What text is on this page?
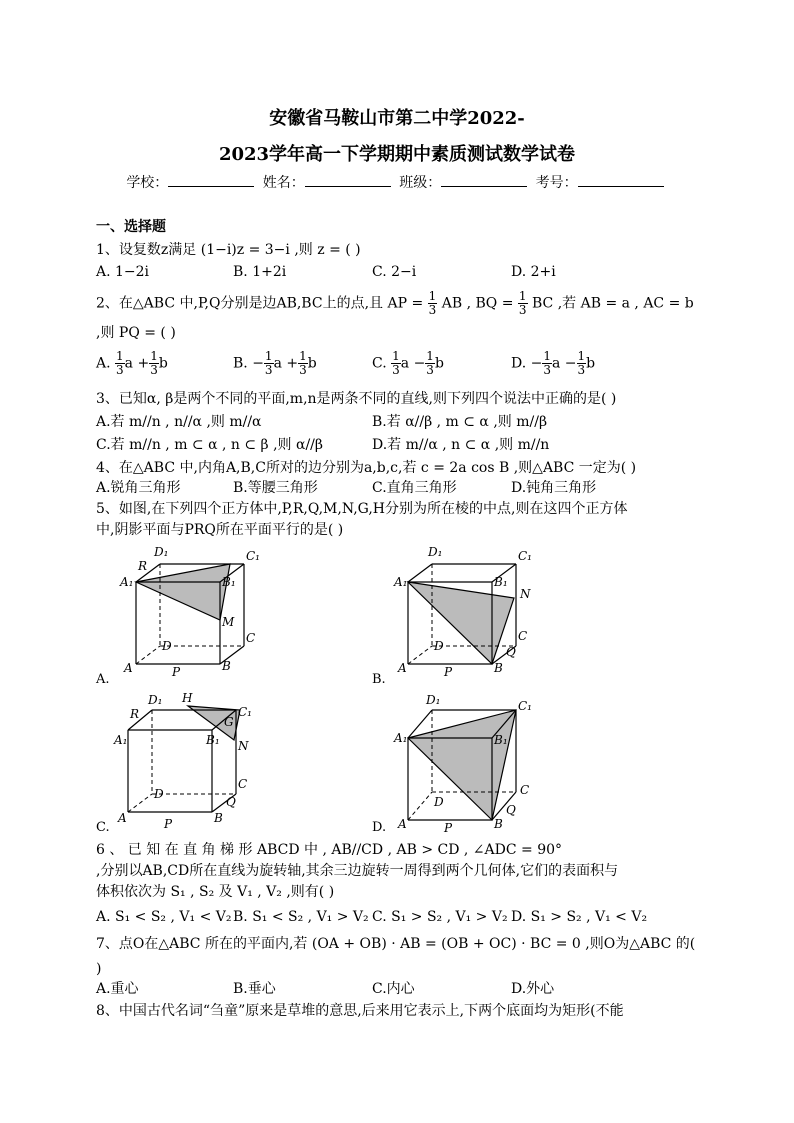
安徽省马鞍山市第二中学2022-
2023学年高一下学期期中素质测试数学试卷
学校：	姓名：	班级：	考号：
一、选择题
1、设复数z满足 (1−i)z = 3−i ,则 z = ( )
A. 1−2i	B. 1+2i	C. 2−i	D. 2+i
2、在△ABC 中,P,Q分别是边AB,BC上的点,且 AP = $\frac{1}{3}$ AB , BQ = $\frac{1}{3}$ BC ,若 AB = a , AC = b
,则 PQ = ( )
A. $\frac{1}{3}$ $a + \frac{1}{3}$ b	B. − $\frac{1}{3}$ $a + \frac{1}{3}$ b	C. $\frac{1}{3}$ $a - \frac{1}{3}$ b	D. − $\frac{1}{3}$ $a - \frac{1}{3}$ b
3、已知α, β是两个不同的平面,m,n是两条不同的直线,则下列四个说法中正确的是( )
A.若 m//n , n//α ,则 m//α	B.若 α//β , m ⊂ α ,则 m//β
C.若 m//n , m ⊂ α , n ⊂ β ,则 α//β	D.若 m//α , n ⊂ α ,则 m//n
4、在△ABC 中,内角A,B,C所对的边分别为a,b,c,若 c = 2a cos B ,则△ABC 一定为( )
A.锐角三角形	B.等腰三角形	C.直角三角形	D.钝角三角形
5、如图,在下列四个正方体中,P,R,Q,M,N,G,H分别为所在棱的中点,则在这四个正方体
中,阴影平面与PRQ所在平面平行的是( )
A₁
D₁	C₁
B₁
R
M
D
C
A	B
P
A.
A₁
D₁	C₁
B₁
N
C
D
A	B
Q
P
B.
A₁
D₁
C₁
B₁
H
G
N
R
D
C
A	B
Q
P
C.
A₁
D₁	C₁
B₁
C
D
A	B
Q
P
D.
6 、 已 知 在 直 角 梯 形 ABCD 中 , AB//CD , AB > CD , ∠ADC = 90°
,分别以AB,CD所在直线为旋转轴,其余三边旋转一周得到两个几何体,它们的表面积与
体积依次为 S₁ , S₂ 及 V₁ , V₂ ,则有( )
A. S₁ < S₂ , V₁ < V₂ B. S₁ < S₂ , V₁ > V₂ C. S₁ > S₂ , V₁ > V₂ D. S₁ > S₂ , V₁ < V₂
7、点O在△ABC 所在的平面内,若 (OA + OB) · AB = (OB + OC) · BC = 0 ,则O为△ABC 的(
)
A.重心	B.垂心	C.内心	D.外心
8、中国古代名词“刍童”原来是草堆的意思,后来用它表示上,下两个底面均为矩形(不能
